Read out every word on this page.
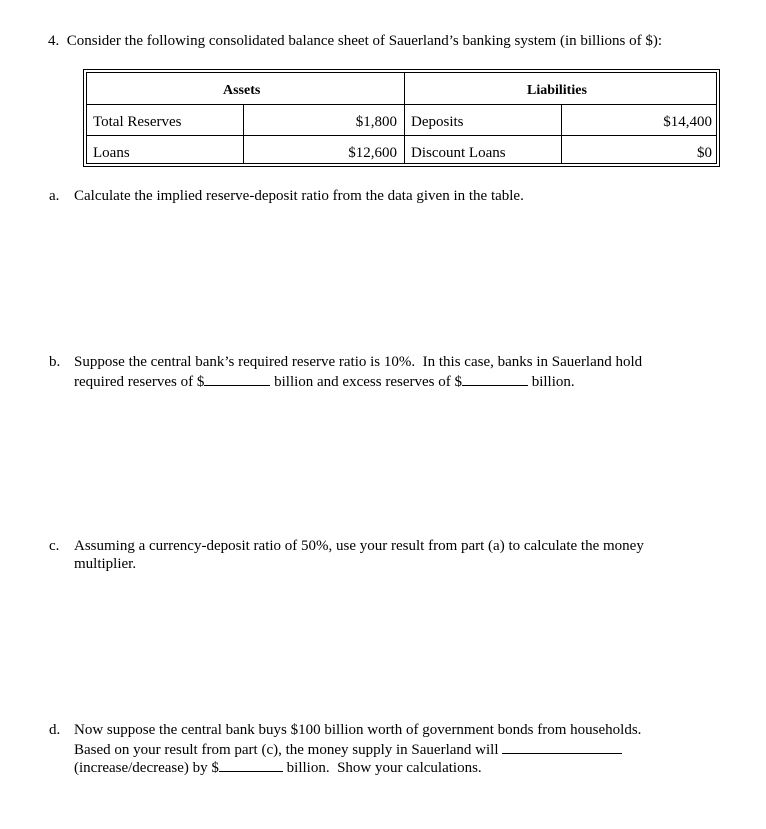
4.  Consider the following consolidated balance sheet of Sauerland’s banking system (in billions of $):
Assets	Liabilities
Total Reserves	$1,800 Deposits	$14,400
Loans	$12,600 Discount Loans	$0
a. Calculate the implied reserve-deposit ratio from the data given in the table.
b. Suppose the central bank’s required reserve ratio is 10%.  In this case, banks in Sauerland hold
required reserves of $	billion and excess reserves of $	billion.
c. Assuming a currency-deposit ratio of 50%, use your result from part (a) to calculate the money
multiplier.
d. Now suppose the central bank buys $100 billion worth of government bonds from households.
Based on your result from part (c), the money supply in Sauerland will
(increase/decrease) by $	billion.  Show your calculations.
